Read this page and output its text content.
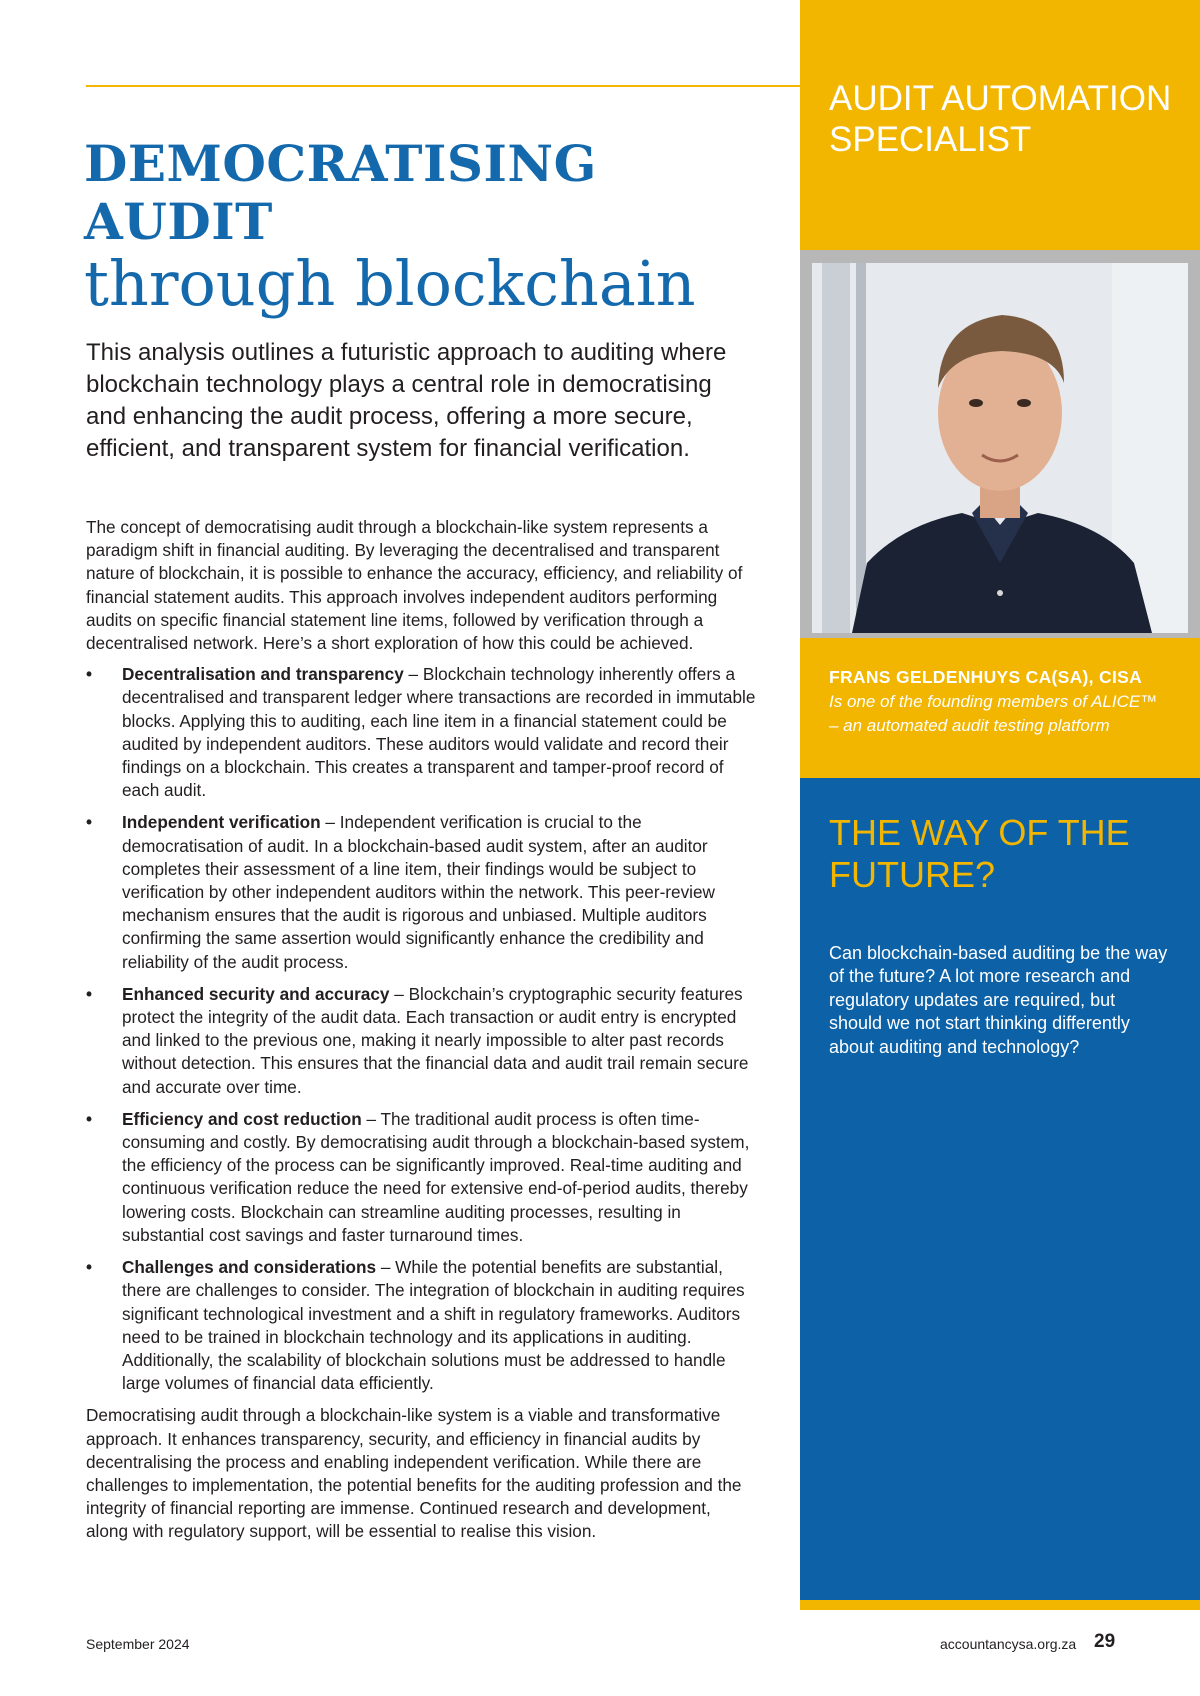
DEMOCRATISING AUDIT
through blockchain

This analysis outlines a futuristic approach to auditing where blockchain technology plays a central role in democratising and enhancing the audit process, offering a more secure, efficient, and transparent system for financial verification.

The concept of democratising audit through a blockchain-like system represents a paradigm shift in financial auditing. By leveraging the decentralised and transparent nature of blockchain, it is possible to enhance the accuracy, efficiency, and reliability of financial statement audits. This approach involves independent auditors performing audits on specific financial statement line items, followed by verification through a decentralised network. Here’s a short exploration of how this could be achieved.

• Decentralisation and transparency – Blockchain technology inherently offers a decentralised and transparent ledger where transactions are recorded in immutable blocks. Applying this to auditing, each line item in a financial statement could be audited by independent auditors. These auditors would validate and record their findings on a blockchain. This creates a transparent and tamper-proof record of each audit.
• Independent verification – Independent verification is crucial to the democratisation of audit. In a blockchain-based audit system, after an auditor completes their assessment of a line item, their findings would be subject to verification by other independent auditors within the network. This peer-review mechanism ensures that the audit is rigorous and unbiased. Multiple auditors confirming the same assertion would significantly enhance the credibility and reliability of the audit process.
• Enhanced security and accuracy – Blockchain’s cryptographic security features protect the integrity of the audit data. Each transaction or audit entry is encrypted and linked to the previous one, making it nearly impossible to alter past records without detection. This ensures that the financial data and audit trail remain secure and accurate over time.
• Efficiency and cost reduction – The traditional audit process is often time-consuming and costly. By democratising audit through a blockchain-based system, the efficiency of the process can be significantly improved. Real-time auditing and continuous verification reduce the need for extensive end-of-period audits, thereby lowering costs. Blockchain can streamline auditing processes, resulting in substantial cost savings and faster turnaround times.
• Challenges and considerations – While the potential benefits are substantial, there are challenges to consider. The integration of blockchain in auditing requires significant technological investment and a shift in regulatory frameworks. Auditors need to be trained in blockchain technology and its applications in auditing. Additionally, the scalability of blockchain solutions must be addressed to handle large volumes of financial data efficiently.

Democratising audit through a blockchain-like system is a viable and transformative approach. It enhances transparency, security, and efficiency in financial audits by decentralising the process and enabling independent verification. While there are challenges to implementation, the potential benefits for the auditing profession and the integrity of financial reporting are immense. Continued research and development, along with regulatory support, will be essential to realise this vision.

AUDIT AUTOMATION SPECIALIST

FRANS GELDENHUYS CA(SA), CISA

Is one of the founding members of ALICE™ – an automated audit testing platform

THE WAY OF THE FUTURE?

Can blockchain-based auditing be the way of the future? A lot more research and regulatory updates are required, but should we not start thinking differently about auditing and technology?

September 2024	accountancysa.org.za 29
